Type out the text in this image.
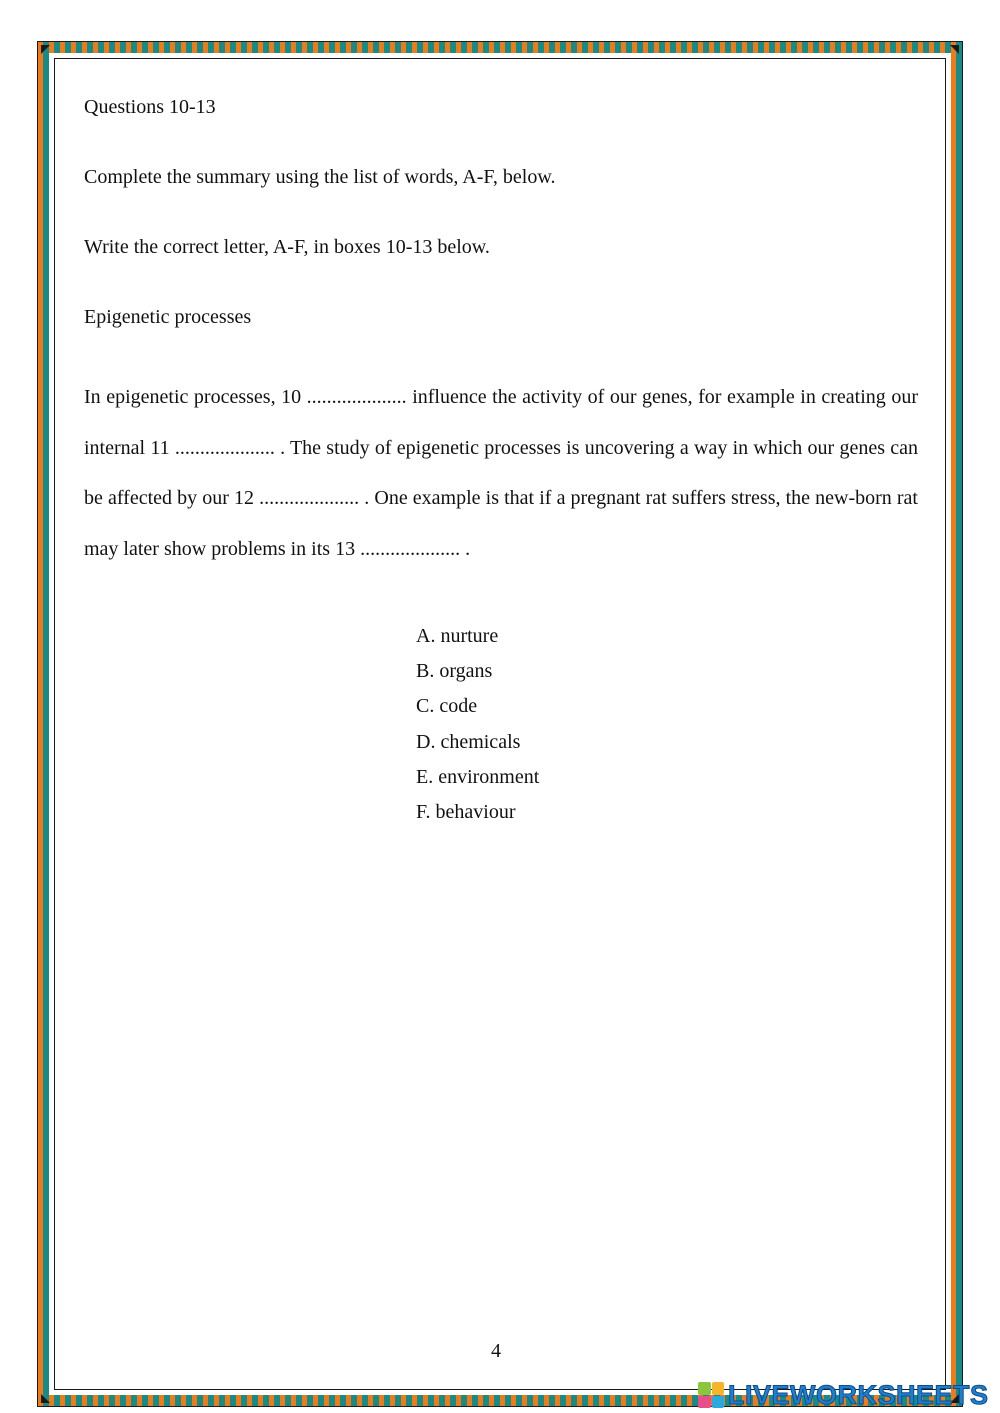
Questions 10-13
Complete the summary using the list of words, A-F, below.
Write the correct letter, A-F, in boxes 10-13 below.
Epigenetic processes
In epigenetic processes, 10 .................... influence the activity of our genes, for example in creating our internal 11 .................... . The study of epigenetic processes is uncovering a way in which our genes can be affected by our 12 .................... . One example is that if a pregnant rat suffers stress, the new-born rat may later show problems in its 13 .................... .
A. nurture
B. organs
C. code
D. chemicals
E. environment
F. behaviour
4
LIVEWORKSHEETS
